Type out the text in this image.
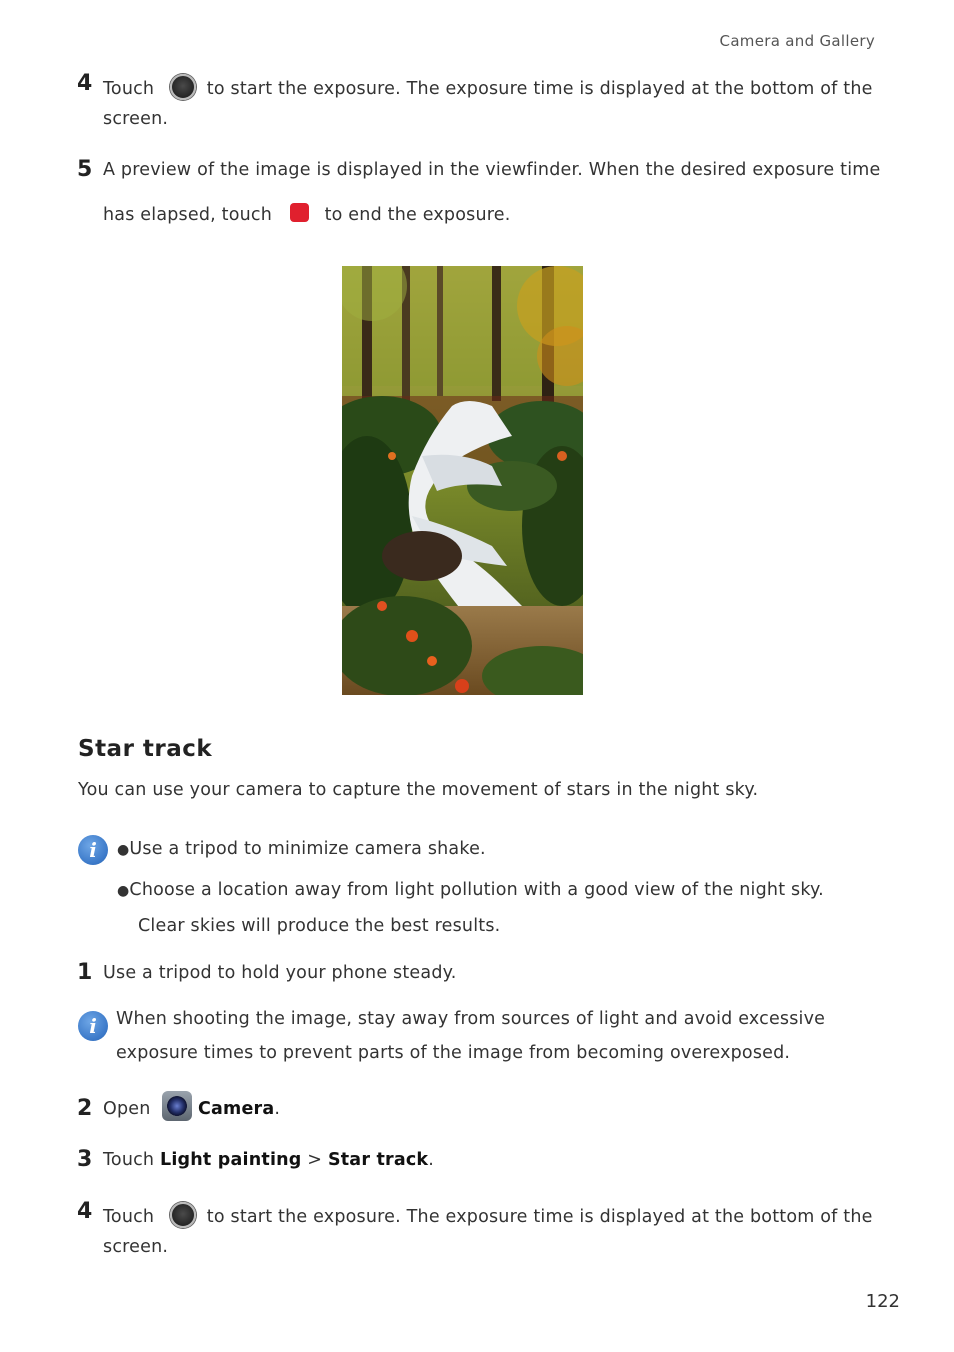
Camera and Gallery
4 Touch	to start the exposure. The exposure time is displayed at the bottom of the
screen.
5 A preview of the image is displayed in the viewfinder. When the desired exposure time
has elapsed, touch	to end the exposure.
Star track
You can use your camera to capture the movement of stars in the night sky.
i	●Use a tripod to minimize camera shake.
●Choose a location away from light pollution with a good view of the night sky.
Clear skies will produce the best results.
1 Use a tripod to hold your phone steady.
i	When shooting the image, stay away from sources of light and avoid excessive
exposure times to prevent parts of the image from becoming overexposed.
2 Open	Camera.
3 Touch Light painting > Star track.
4 Touch	to start the exposure. The exposure time is displayed at the bottom of the
screen.
122
